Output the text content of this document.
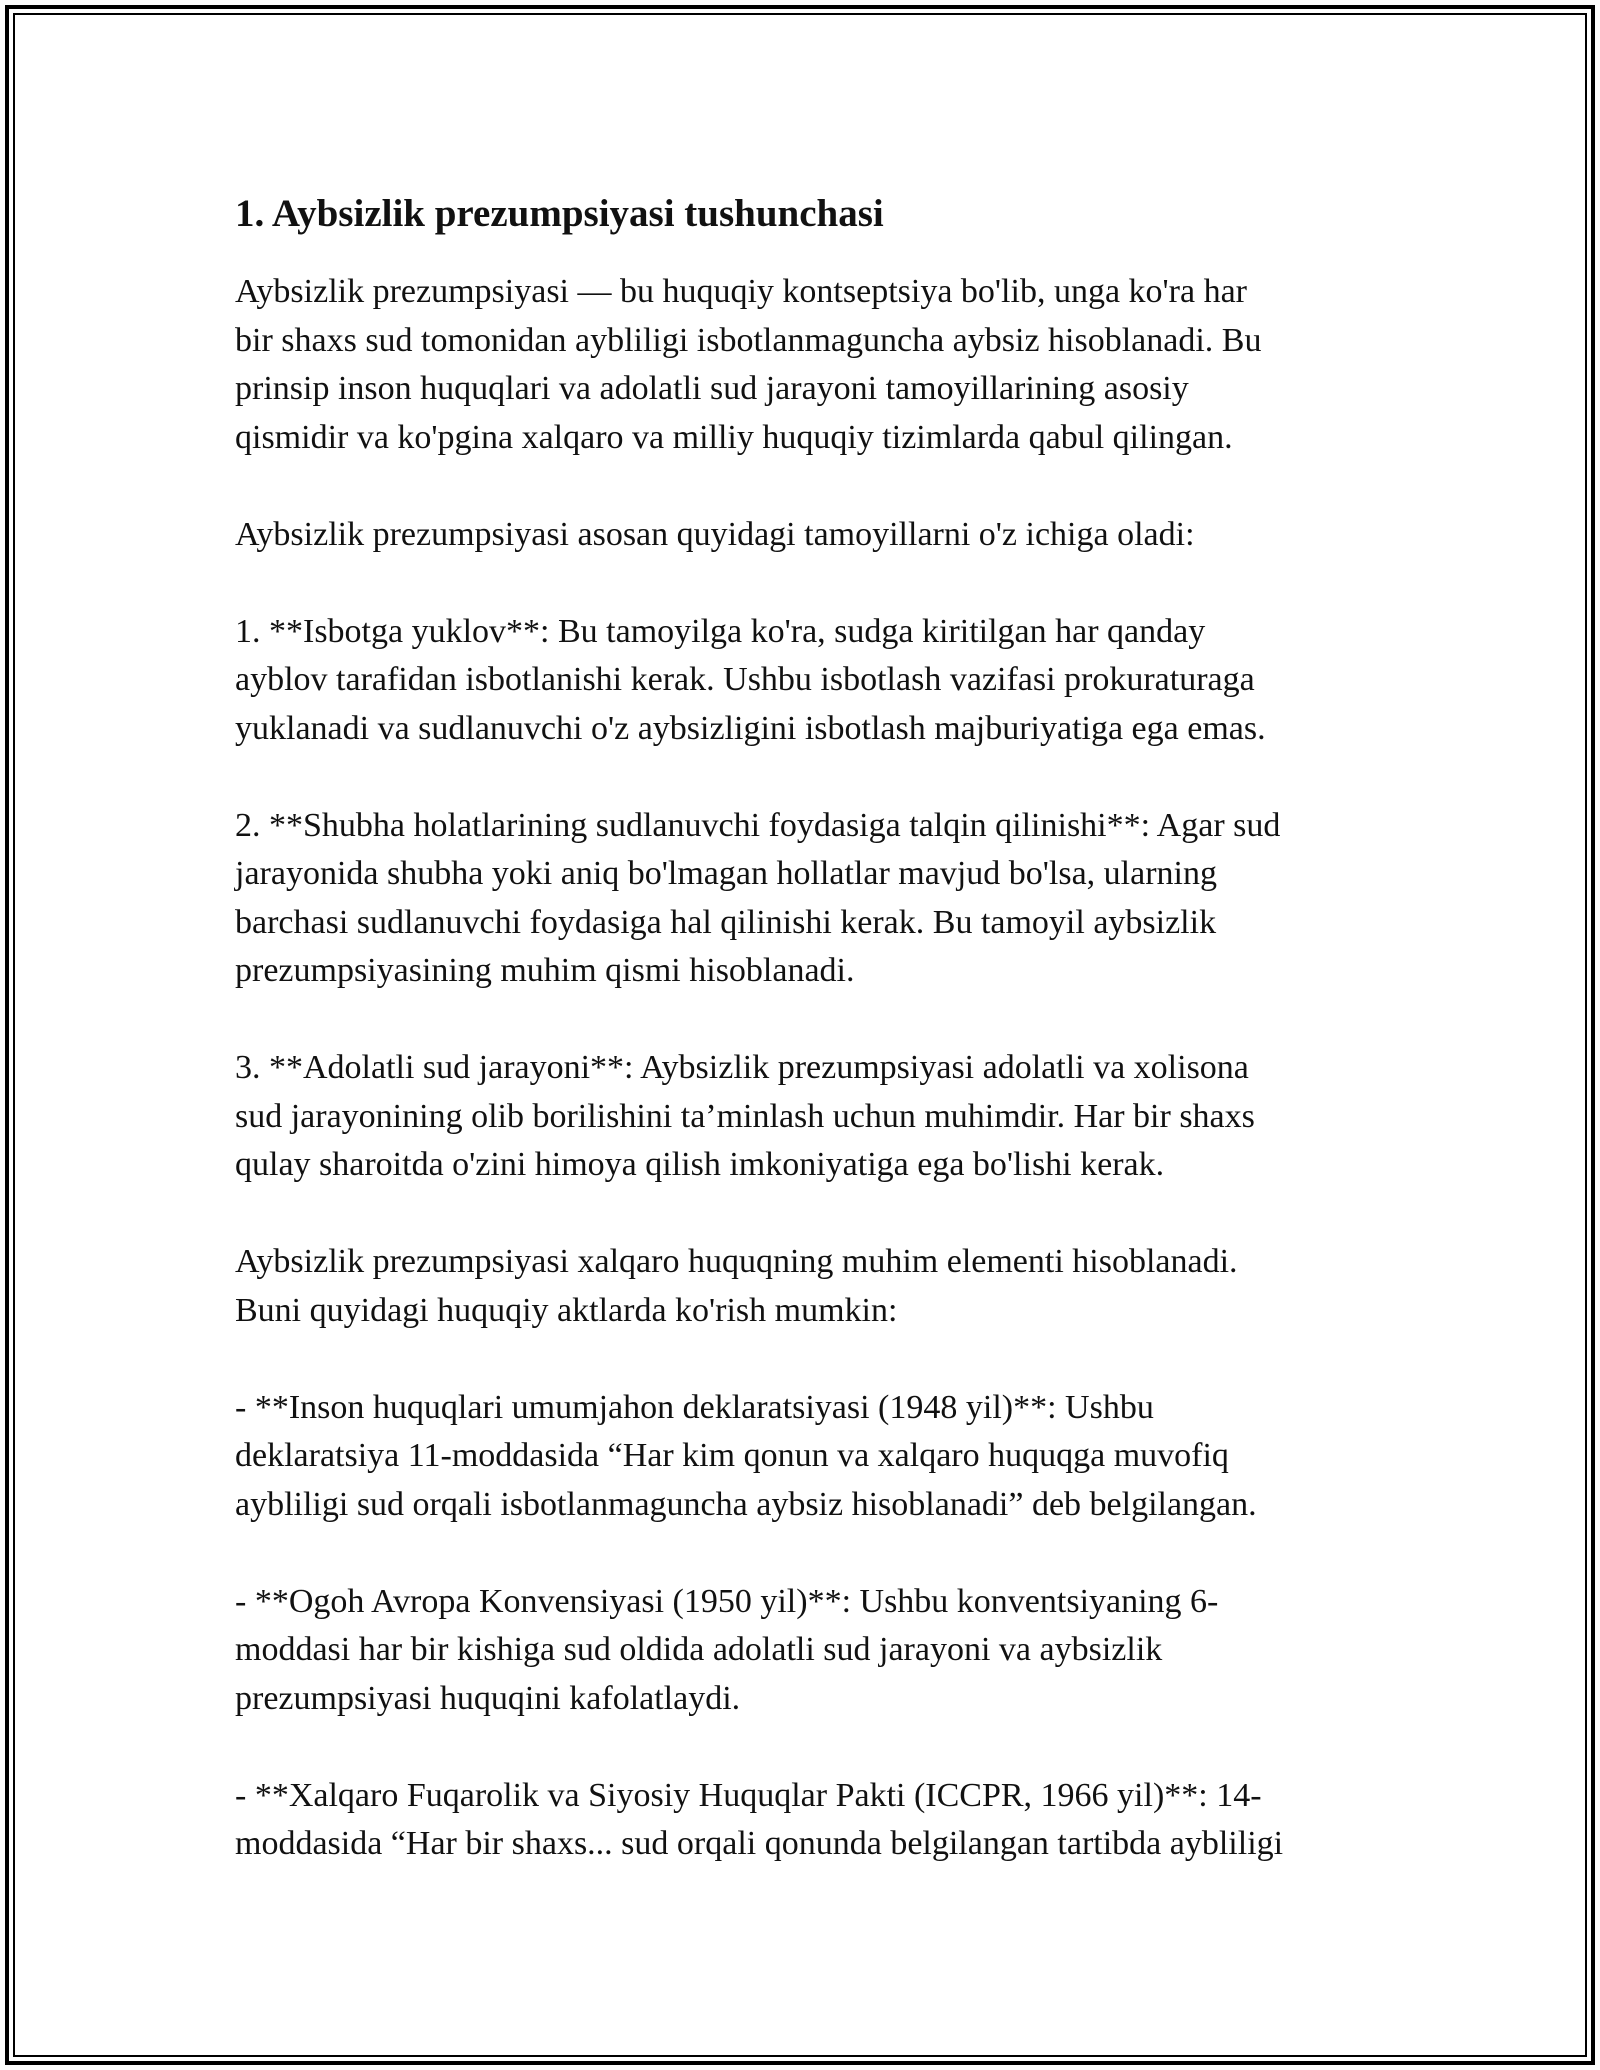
1. Aybsizlik prezumpsiyasi tushunchasi

Aybsizlik prezumpsiyasi — bu huquqiy kontseptsiya bo'lib, unga ko'ra har
bir shaxs sud tomonidan aybliligi isbotlanmaguncha aybsiz hisoblanadi. Bu
prinsip inson huquqlari va adolatli sud jarayoni tamoyillarining asosiy
qismidir va ko'pgina xalqaro va milliy huquqiy tizimlarda qabul qilingan.

Aybsizlik prezumpsiyasi asosan quyidagi tamoyillarni o'z ichiga oladi:

1. **Isbotga yuklov**: Bu tamoyilga ko'ra, sudga kiritilgan har qanday
ayblov tarafidan isbotlanishi kerak. Ushbu isbotlash vazifasi prokuraturaga
yuklanadi va sudlanuvchi o'z aybsizligini isbotlash majburiyatiga ega emas.

2. **Shubha holatlarining sudlanuvchi foydasiga talqin qilinishi**: Agar sud
jarayonida shubha yoki aniq bo'lmagan hollatlar mavjud bo'lsa, ularning
barchasi sudlanuvchi foydasiga hal qilinishi kerak. Bu tamoyil aybsizlik
prezumpsiyasining muhim qismi hisoblanadi.

3. **Adolatli sud jarayoni**: Aybsizlik prezumpsiyasi adolatli va xolisona
sud jarayonining olib borilishini ta’minlash uchun muhimdir. Har bir shaxs
qulay sharoitda o'zini himoya qilish imkoniyatiga ega bo'lishi kerak.

Aybsizlik prezumpsiyasi xalqaro huquqning muhim elementi hisoblanadi.
Buni quyidagi huquqiy aktlarda ko'rish mumkin:

- **Inson huquqlari umumjahon deklaratsiyasi (1948 yil)**: Ushbu
deklaratsiya 11-moddasida “Har kim qonun va xalqaro huquqga muvofiq
aybliligi sud orqali isbotlanmaguncha aybsiz hisoblanadi” deb belgilangan.

- **Ogoh Avropa Konvensiyasi (1950 yil)**: Ushbu konventsiyaning 6-
moddasi har bir kishiga sud oldida adolatli sud jarayoni va aybsizlik
prezumpsiyasi huquqini kafolatlaydi.

- **Xalqaro Fuqarolik va Siyosiy Huquqlar Pakti (ICCPR, 1966 yil)**: 14-
moddasida “Har bir shaxs... sud orqali qonunda belgilangan tartibda aybliligi
